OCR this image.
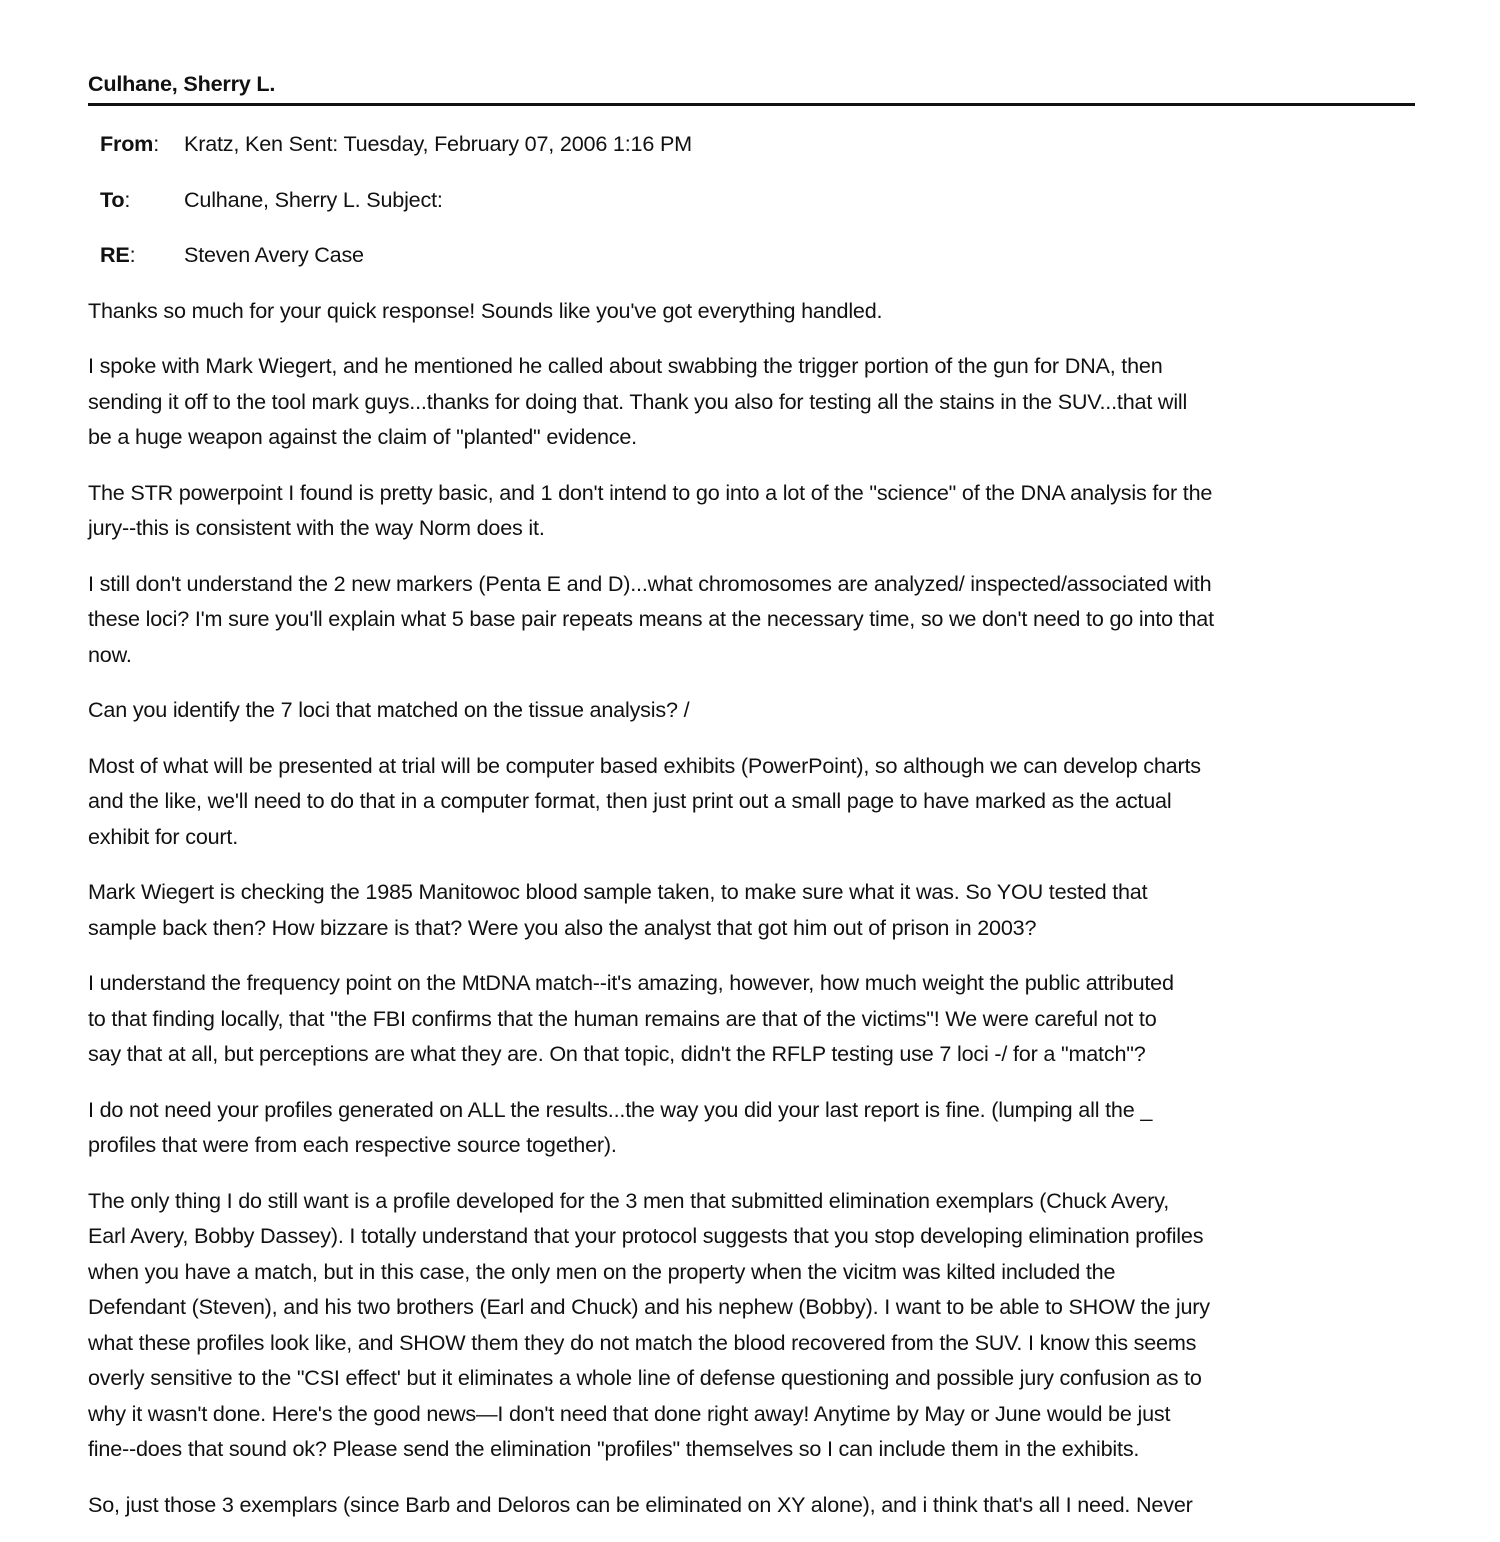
Culhane, Sherry L.
From:	Kratz, Ken Sent: Tuesday, February 07, 2006 1:16 PM
To:	Culhane, Sherry L. Subject:
RE:	Steven Avery Case
Thanks so much for your quick response! Sounds like you've got everything handled.
I spoke with Mark Wiegert, and he mentioned he called about swabbing the trigger portion of the gun for DNA, then
sending it off to the tool mark guys...thanks for doing that. Thank you also for testing all the stains in the SUV...that will
be a huge weapon against the claim of "planted" evidence.
The STR powerpoint I found is pretty basic, and 1 don't intend to go into a lot of the "science" of the DNA analysis for the
jury--this is consistent with the way Norm does it.
I still don't understand the 2 new markers (Penta E and D)...what chromosomes are analyzed/ inspected/associated with
these loci? I'm sure you'll explain what 5 base pair repeats means at the necessary time, so we don't need to go into that
now.
Can you identify the 7 loci that matched on the tissue analysis? /
Most of what will be presented at trial will be computer based exhibits (PowerPoint), so although we can develop charts
and the like, we'll need to do that in a computer format, then just print out a small page to have marked as the actual
exhibit for court.
Mark Wiegert is checking the 1985 Manitowoc blood sample taken, to make sure what it was. So YOU tested that
sample back then? How bizzare is that? Were you also the analyst that got him out of prison in 2003?
I understand the frequency point on the MtDNA match--it's amazing, however, how much weight the public attributed
to that finding locally, that "the FBI confirms that the human remains are that of the victims"! We were careful not to
say that at all, but perceptions are what they are. On that topic, didn't the RFLP testing use 7 loci -/ for a "match"?
I do not need your profiles generated on ALL the results...the way you did your last report is fine. (lumping all the _
profiles that were from each respective source together).
The only thing I do still want is a profile developed for the 3 men that submitted elimination exemplars (Chuck Avery,
Earl Avery, Bobby Dassey). I totally understand that your protocol suggests that you stop developing elimination profiles
when you have a match, but in this case, the only men on the property when the vicitm was kilted included the
Defendant (Steven), and his two brothers (Earl and Chuck) and his nephew (Bobby). I want to be able to SHOW the jury
what these profiles look like, and SHOW them they do not match the blood recovered from the SUV. I know this seems
overly sensitive to the "CSI effect' but it eliminates a whole line of defense questioning and possible jury confusion as to
why it wasn't done. Here's the good news—I don't need that done right away! Anytime by May or June would be just
fine--does that sound ok? Please send the elimination "profiles" themselves so I can include them in the exhibits.
So, just those 3 exemplars (since Barb and Deloros can be eliminated on XY alone), and i think that's all I need. Never
